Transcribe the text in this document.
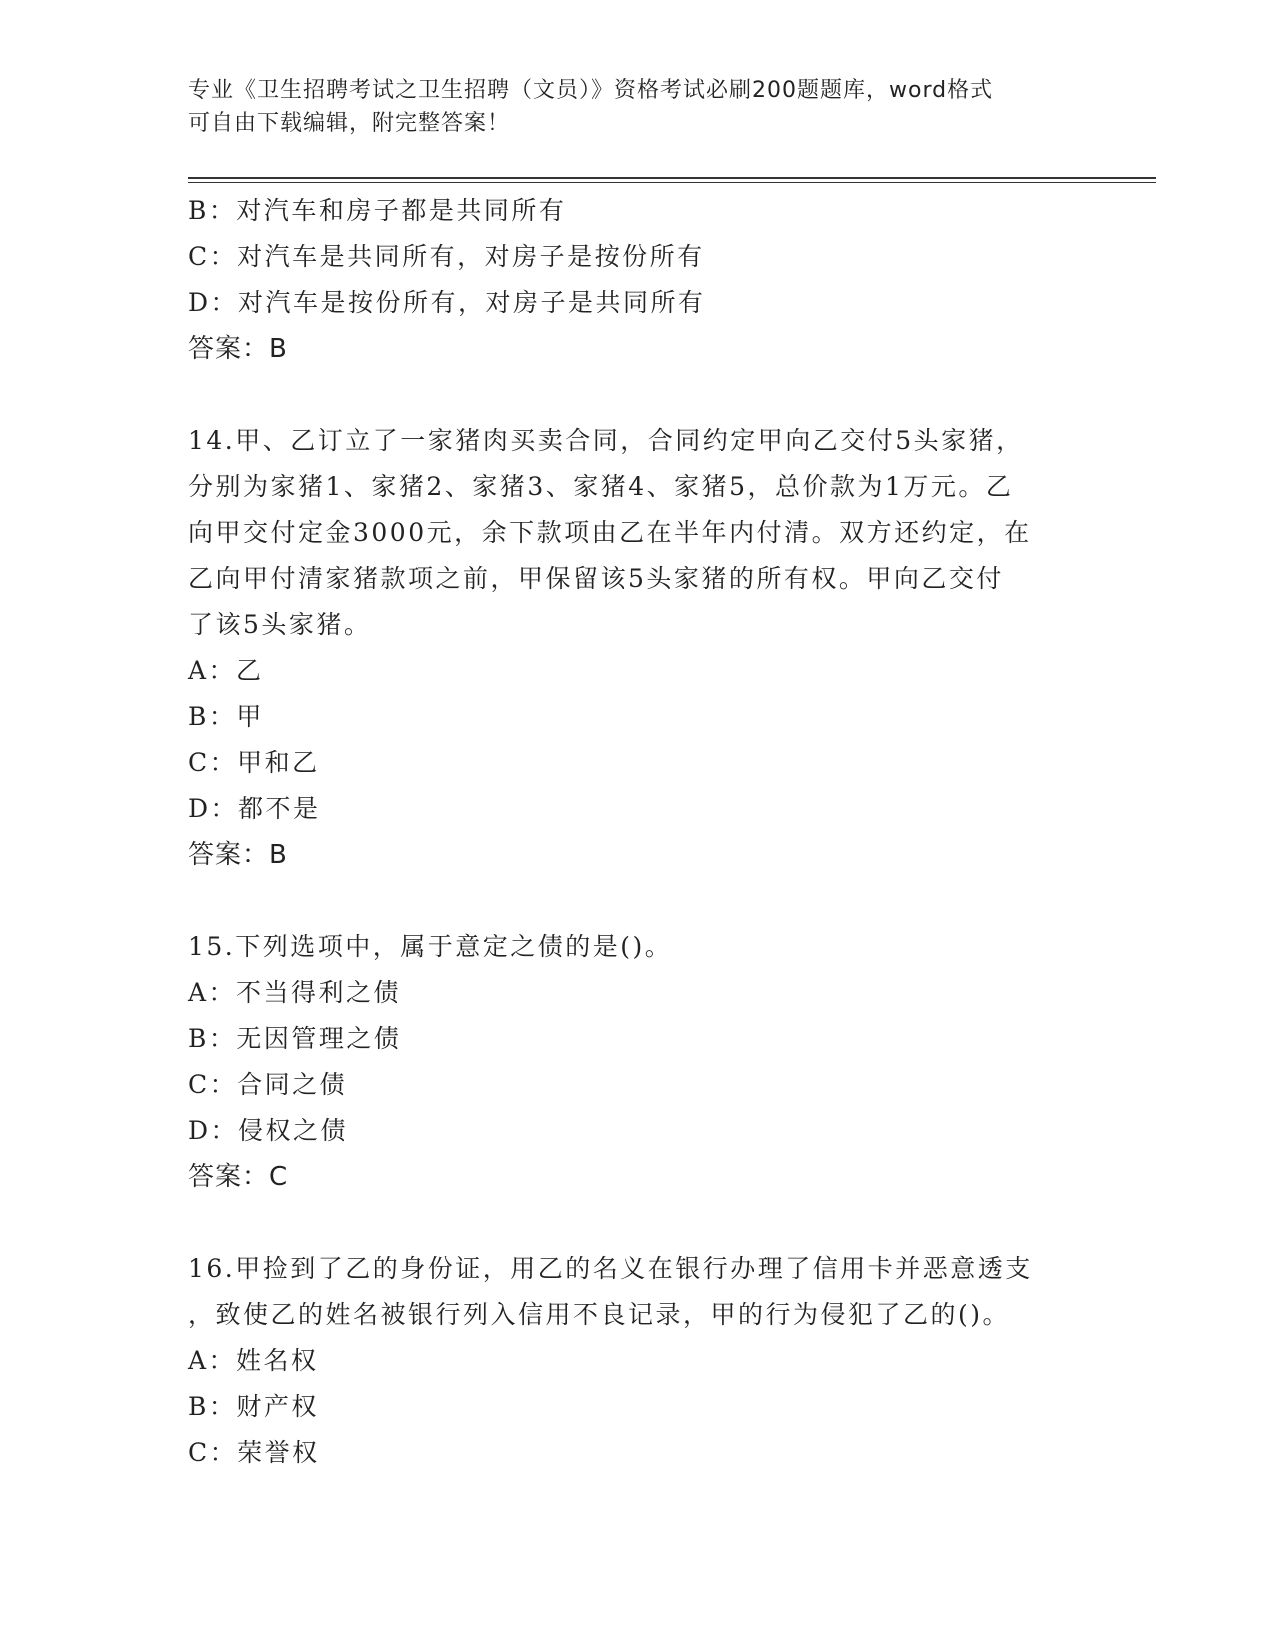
专业《卫生招聘考试之卫生招聘（文员）》资格考试必刷200题题库，word格式
可自由下载编辑，附完整答案！
B：对汽车和房子都是共同所有
C：对汽车是共同所有，对房子是按份所有
D：对汽车是按份所有，对房子是共同所有
答案：B
14.甲、乙订立了一家猪肉买卖合同，合同约定甲向乙交付5头家猪，
分别为家猪1、家猪2、家猪3、家猪4、家猪5，总价款为1万元。乙
向甲交付定金3000元，余下款项由乙在半年内付清。双方还约定，在
乙向甲付清家猪款项之前，甲保留该5头家猪的所有权。甲向乙交付
了该5头家猪。
A：乙
B：甲
C：甲和乙
D：都不是
答案：B
15.下列选项中，属于意定之债的是()。
A：不当得利之债
B：无因管理之债
C：合同之债
D：侵权之债
答案：C
16.甲捡到了乙的身份证，用乙的名义在银行办理了信用卡并恶意透支
，致使乙的姓名被银行列入信用不良记录，甲的行为侵犯了乙的()。
A：姓名权
B：财产权
C：荣誉权
